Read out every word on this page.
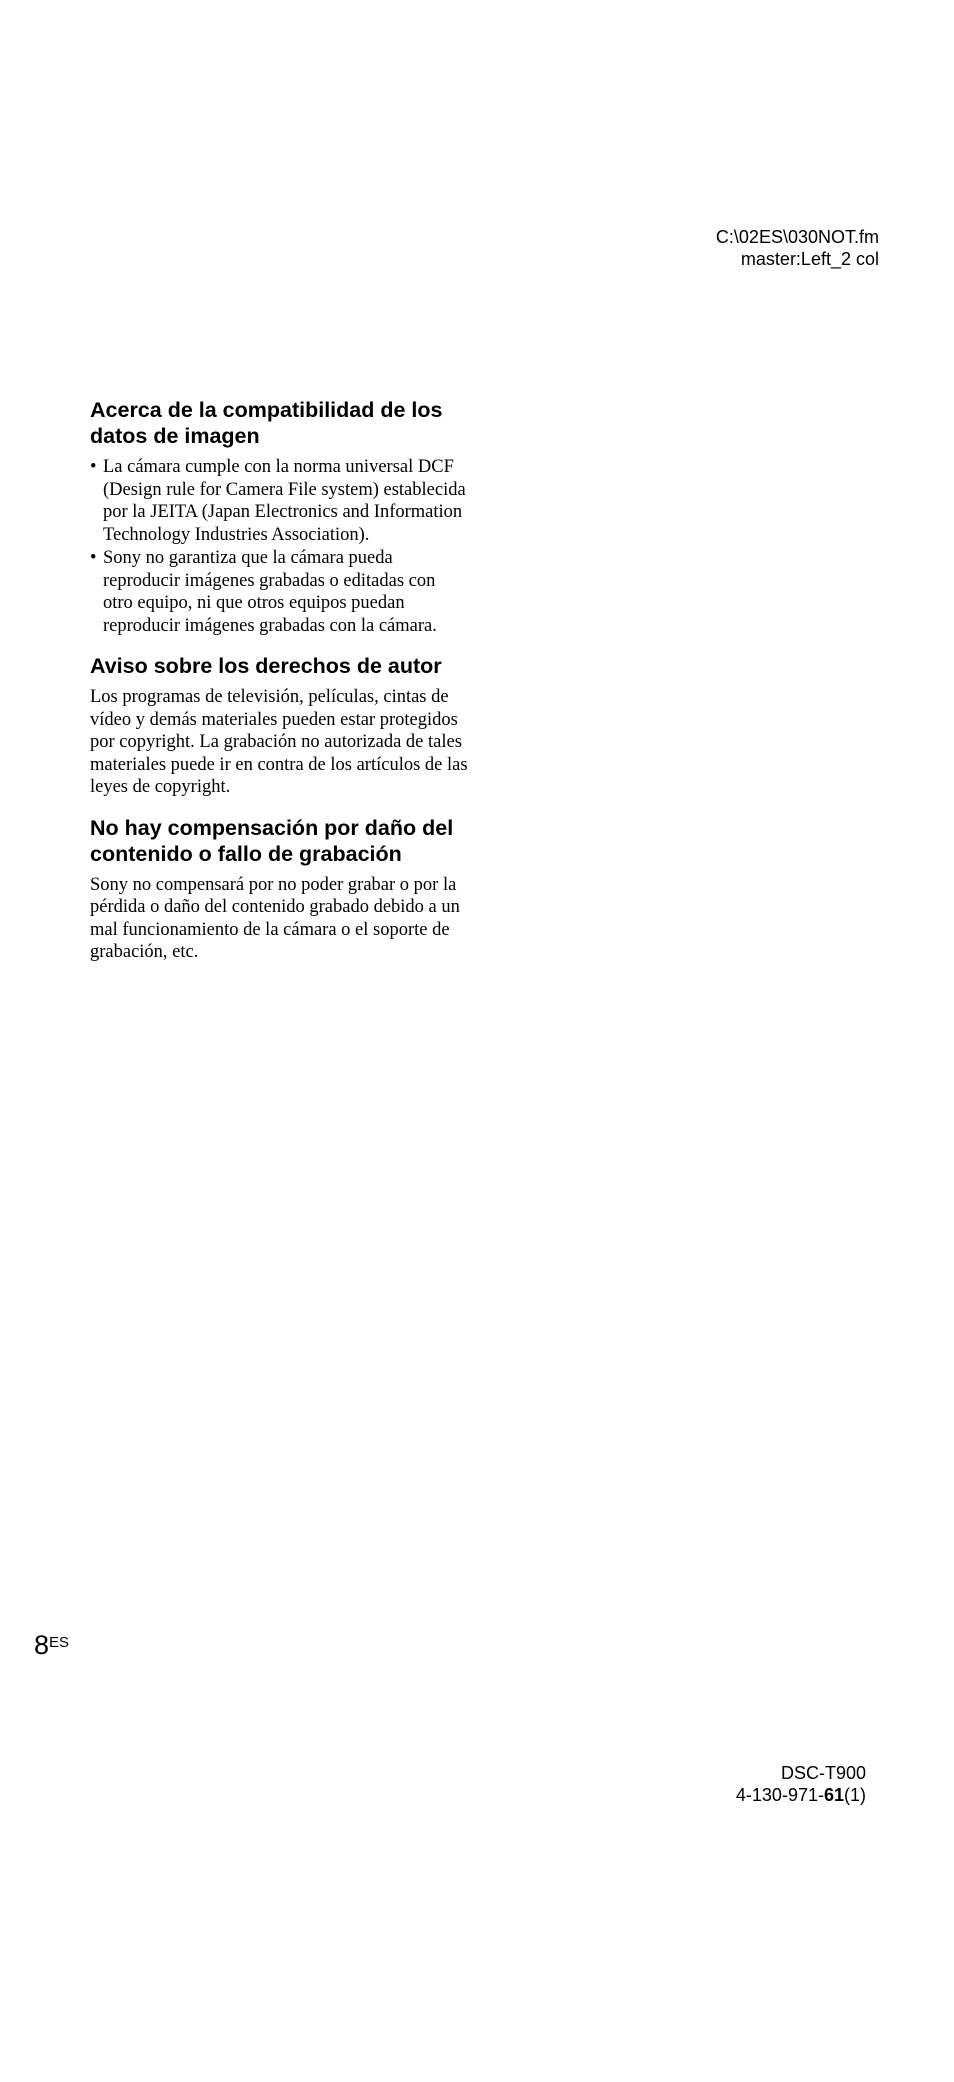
C:\02ES\030NOT.fm
master:Left_2 col
Acerca de la compatibilidad de los datos de imagen
• La cámara cumple con la norma universal DCF (Design rule for Camera File system) establecida por la JEITA (Japan Electronics and Information Technology Industries Association).
• Sony no garantiza que la cámara pueda reproducir imágenes grabadas o editadas con otro equipo, ni que otros equipos puedan reproducir imágenes grabadas con la cámara.
Aviso sobre los derechos de autor

Los programas de televisión, películas, cintas de vídeo y demás materiales pueden estar protegidos por copyright. La grabación no autorizada de tales materiales puede ir en contra de los artículos de las leyes de copyright.

No hay compensación por daño del contenido o fallo de grabación

Sony no compensará por no poder grabar o por la pérdida o daño del contenido grabado debido a un mal funcionamiento de la cámara o el soporte de grabación, etc.

$8^{ES}$
DSC-T900
4-130-971-61(1)
